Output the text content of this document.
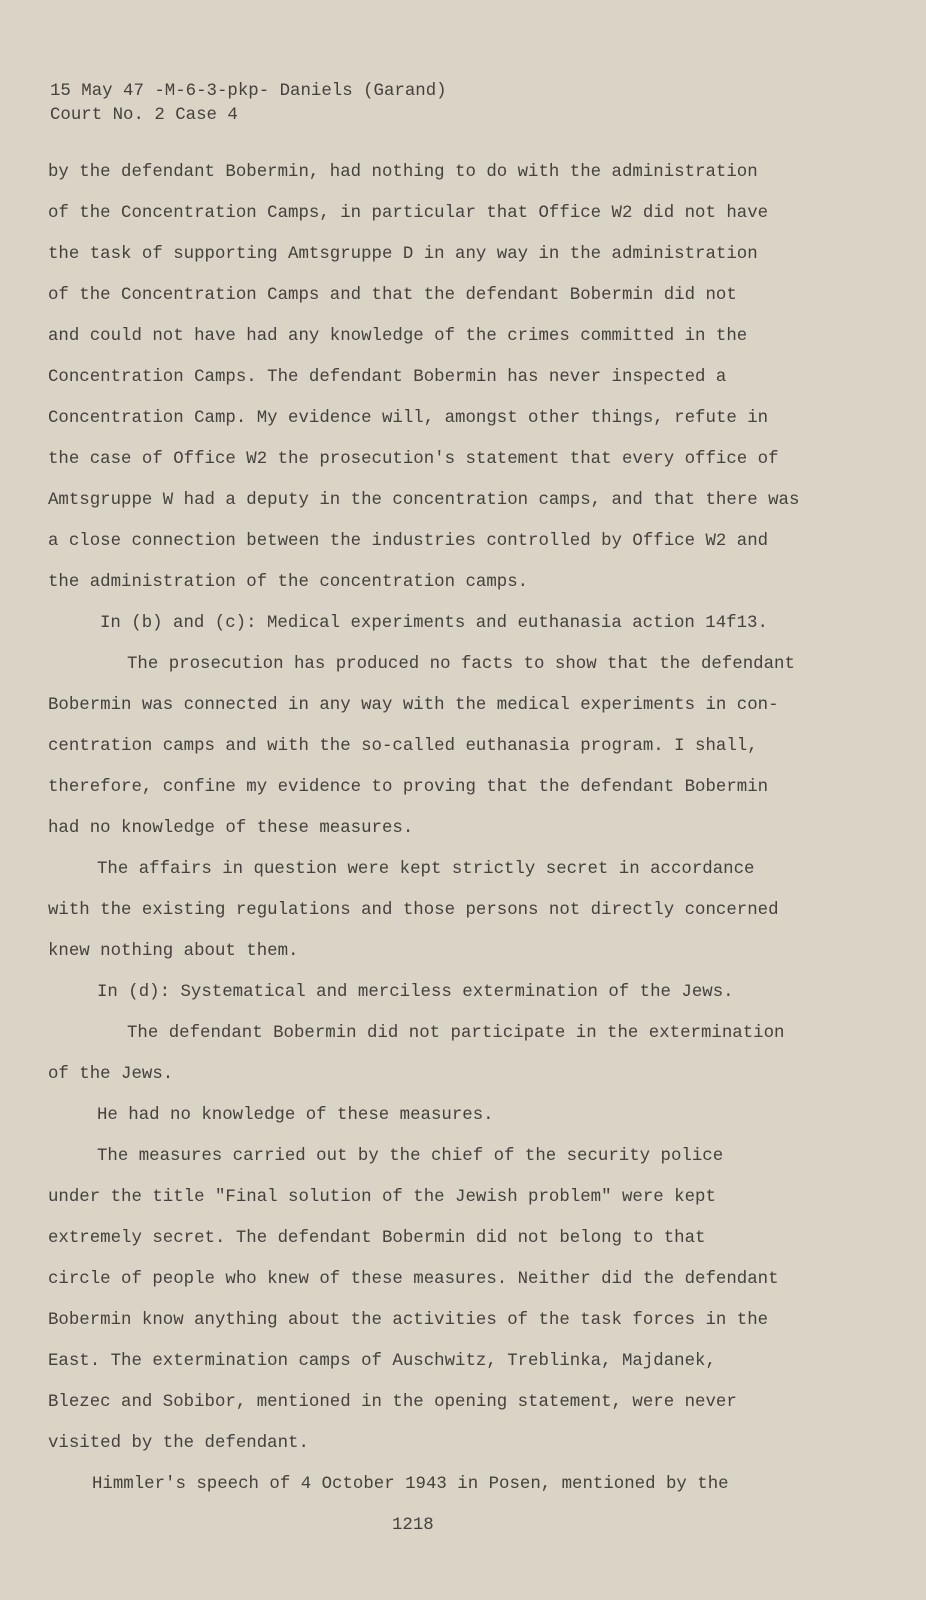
15 May 47 -M-6-3-pkp- Daniels (Garand)
Court No. 2 Case 4
by the defendant Bobermin, had nothing to do with the administration
of the Concentration Camps, in particular that Office W2 did not have
the task of supporting Amtsgruppe D in any way in the administration
of the Concentration Camps and that the defendant Bobermin did not
and could not have had any knowledge of the crimes committed in the
Concentration Camps. The defendant Bobermin has never inspected a
Concentration Camp. My evidence will, amongst other things, refute in
the case of Office W2 the prosecution's statement that every office of
Amtsgruppe W had a deputy in the concentration camps, and that there was
a close connection between the industries controlled by Office W2 and
the administration of the concentration camps.
In (b) and (c): Medical experiments and euthanasia action 14f13.
The prosecution has produced no facts to show that the defendant
Bobermin was connected in any way with the medical experiments in con-
centration camps and with the so-called euthanasia program. I shall,
therefore, confine my evidence to proving that the defendant Bobermin
had no knowledge of these measures.
The affairs in question were kept strictly secret in accordance
with the existing regulations and those persons not directly concerned
knew nothing about them.
In (d): Systematical and merciless extermination of the Jews.
The defendant Bobermin did not participate in the extermination
of the Jews.
He had no knowledge of these measures.
The measures carried out by the chief of the security police
under the title "Final solution of the Jewish problem" were kept
extremely secret. The defendant Bobermin did not belong to that
circle of people who knew of these measures. Neither did the defendant
Bobermin know anything about the activities of the task forces in the
East. The extermination camps of Auschwitz, Treblinka, Majdanek,
Blezec and Sobibor, mentioned in the opening statement, were never
visited by the defendant.
Himmler's speech of 4 October 1943 in Posen, mentioned by the
1218
